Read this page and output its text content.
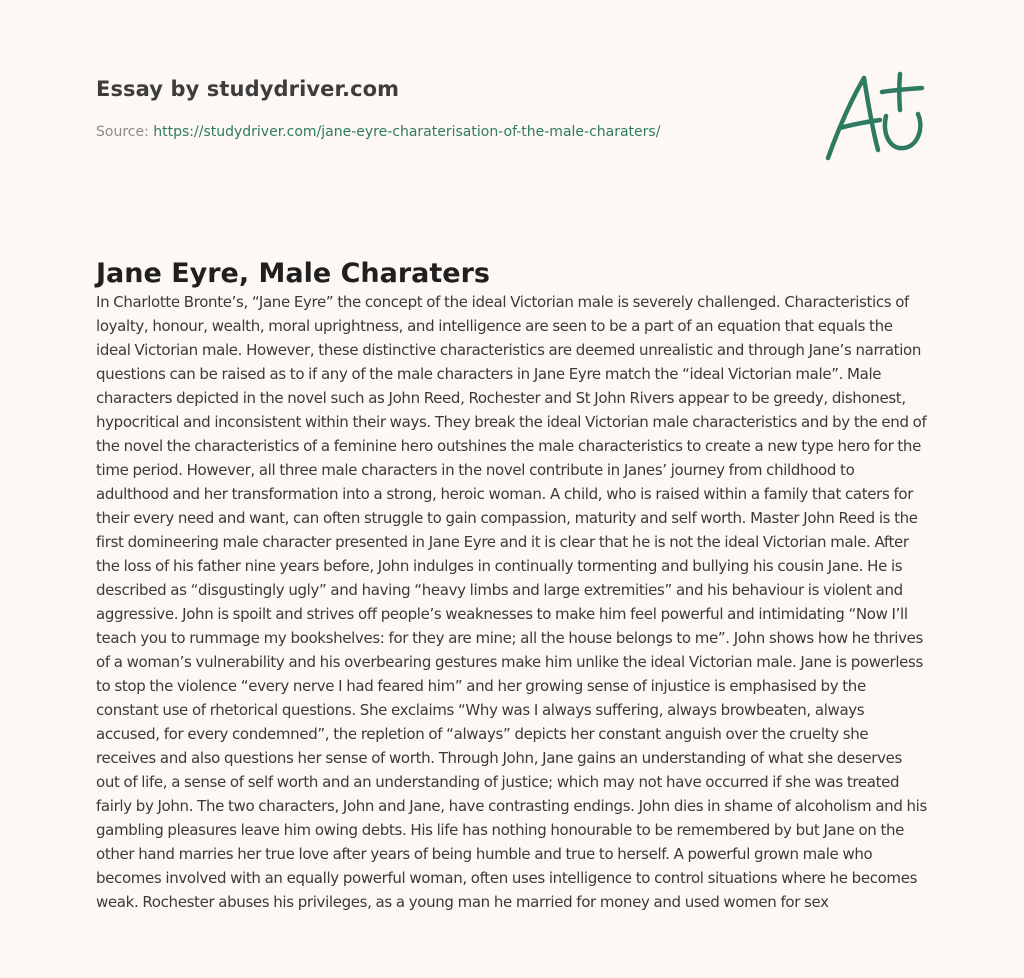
Essay by studydriver.com
Source: https://studydriver.com/jane-eyre-charaterisation-of-the-male-charaters/
Jane Eyre, Male Charaters

In Charlotte Bronte’s, “Jane Eyre” the concept of the ideal Victorian male is severely challenged. Characteristics of loyalty, honour, wealth, moral uprightness, and intelligence are seen to be a part of an equation that equals the ideal Victorian male. However, these distinctive characteristics are deemed unrealistic and through Jane’s narration questions can be raised as to if any of the male characters in Jane Eyre match the “ideal Victorian male”. Male characters depicted in the novel such as John Reed, Rochester and St John Rivers appear to be greedy, dishonest, hypocritical and inconsistent within their ways. They break the ideal Victorian male characteristics and by the end of the novel the characteristics of a feminine hero outshines the male characteristics to create a new type hero for the time period. However, all three male characters in the novel contribute in Janes’ journey from childhood to adulthood and her transformation into a strong, heroic woman. A child, who is raised within a family that caters for their every need and want, can often struggle to gain compassion, maturity and self worth. Master John Reed is the first domineering male character presented in Jane Eyre and it is clear that he is not the ideal Victorian male. After the loss of his father nine years before, John indulges in continually tormenting and bullying his cousin Jane. He is described as “disgustingly ugly” and having “heavy limbs and large extremities” and his behaviour is violent and aggressive. John is spoilt and strives off people’s weaknesses to make him feel powerful and intimidating “Now I’ll teach you to rummage my bookshelves: for they are mine; all the house belongs to me”. John shows how he thrives of a woman’s vulnerability and his overbearing gestures make him unlike the ideal Victorian male. Jane is powerless to stop the violence “every nerve I had feared him” and her growing sense of injustice is emphasised by the constant use of rhetorical questions. She exclaims “Why was I always suffering, always browbeaten, always accused, for every condemned”, the repletion of “always” depicts her constant anguish over the cruelty she receives and also questions her sense of worth. Through John, Jane gains an understanding of what she deserves out of life, a sense of self worth and an understanding of justice; which may not have occurred if she was treated fairly by John. The two characters, John and Jane, have contrasting endings. John dies in shame of alcoholism and his gambling pleasures leave him owing debts. His life has nothing honourable to be remembered by but Jane on the other hand marries her true love after years of being humble and true to herself. A powerful grown male who becomes involved with an equally powerful woman, often uses intelligence to control situations where he becomes weak. Rochester abuses his privileges, as a young man he married for money and used women for sex
